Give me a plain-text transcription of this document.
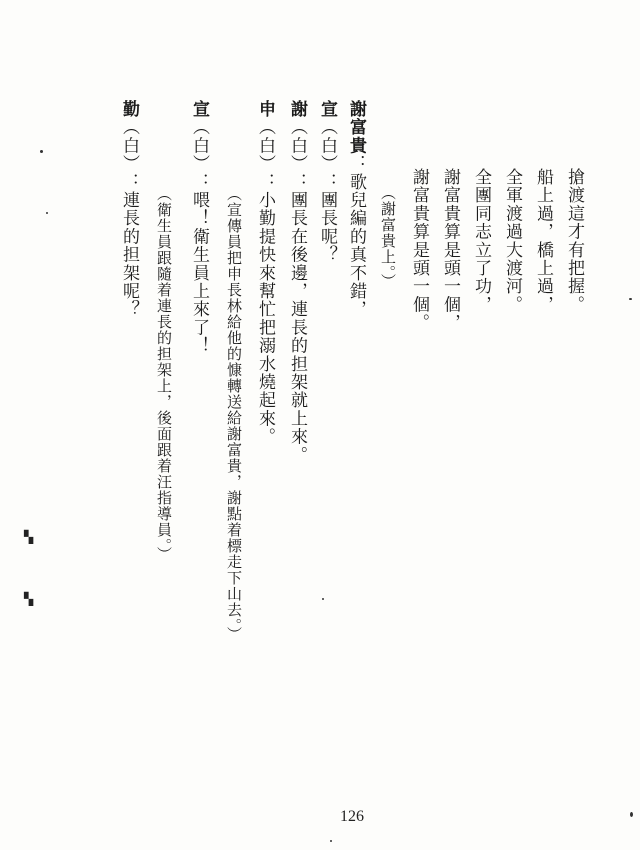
搶渡這才有把握。
船上過，橋上過，
全軍渡過大渡河。
全團同志立了功，
謝富貴算是頭一個，
謝富貴算是頭一個。
（謝富貴上。）
謝富貴：歌兒編的真不錯，
宣（白）：團長呢？
謝（白）：團長在後邊，連長的担架就上來。
申（白）：小勤提快來幫忙把溺水燒起來。
（宣傳員把申長林給他的慷轉送給謝富貴，謝點着標走下山去。）
宣（白）：喂！衛生員上來了！
（衛生員跟隨着連長的担架上，後面跟着汪指導員。）
勤（白）：連長的担架呢？
126
▚
▚
